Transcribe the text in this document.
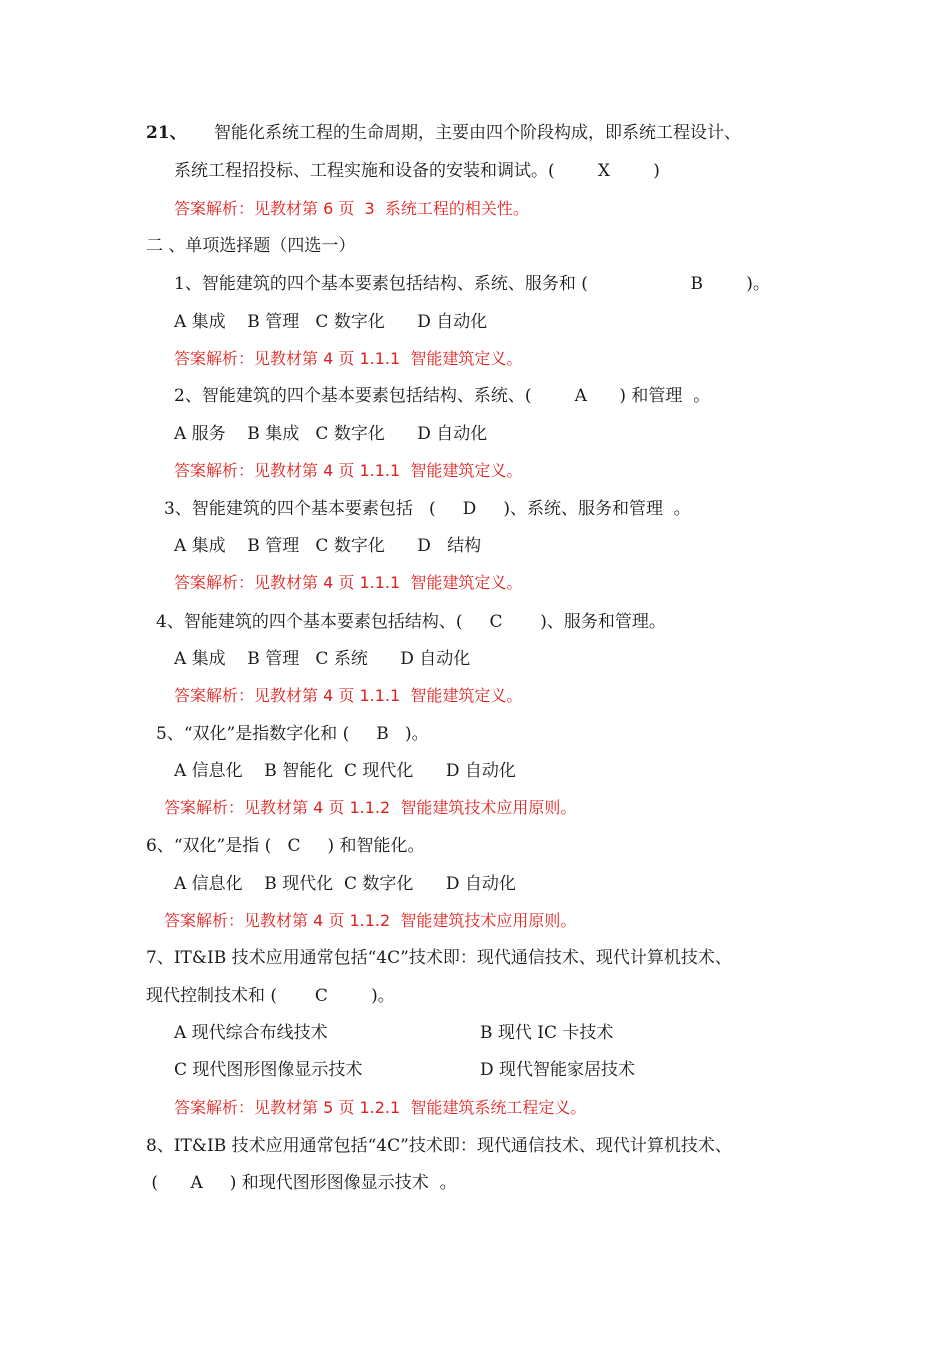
21、 智能化系统工程的生命周期，主要由四个阶段构成，即系统工程设计、
系统工程招投标、工程实施和设备的安装和调试。(        X        )
答案解析：见教材第 6 页  3  系统工程的相关性。
二 、单项选择题（四选一）
1、智能建筑的四个基本要素包括结构、系统、服务和 (                   B        )。
A 集成    B 管理   C 数字化      D 自动化
答案解析：见教材第 4 页 1.1.1  智能建筑定义。
2、智能建筑的四个基本要素包括结构、系统、(        A      ) 和管理  。
A 服务    B 集成   C 数字化      D 自动化
答案解析：见教材第 4 页 1.1.1  智能建筑定义。
3、智能建筑的四个基本要素包括   (     D     )、系统、服务和管理  。
A 集成    B 管理   C 数字化      D   结构
答案解析：见教材第 4 页 1.1.1  智能建筑定义。
4、智能建筑的四个基本要素包括结构、(     C       )、服务和管理。
A 集成    B 管理   C 系统      D 自动化
答案解析：见教材第 4 页 1.1.1  智能建筑定义。
5、“双化”是指数字化和 (     B   )。
A 信息化    B 智能化  C 现代化      D 自动化
答案解析：见教材第 4 页 1.1.2  智能建筑技术应用原则。
6、“双化”是指 (   C     ) 和智能化。
A 信息化    B 现代化  C 数字化      D 自动化
答案解析：见教材第 4 页 1.1.2  智能建筑技术应用原则。
7、IT&IB 技术应用通常包括“4C”技术即：现代通信技术、现代计算机技术、
现代控制技术和 (       C        )。
A 现代综合布线技术	B 现代 IC 卡技术
C 现代图形图像显示技术	D 现代智能家居技术
答案解析：见教材第 5 页 1.2.1  智能建筑系统工程定义。
8、IT&IB 技术应用通常包括“4C”技术即：现代通信技术、现代计算机技术、
(      A     ) 和现代图形图像显示技术  。
